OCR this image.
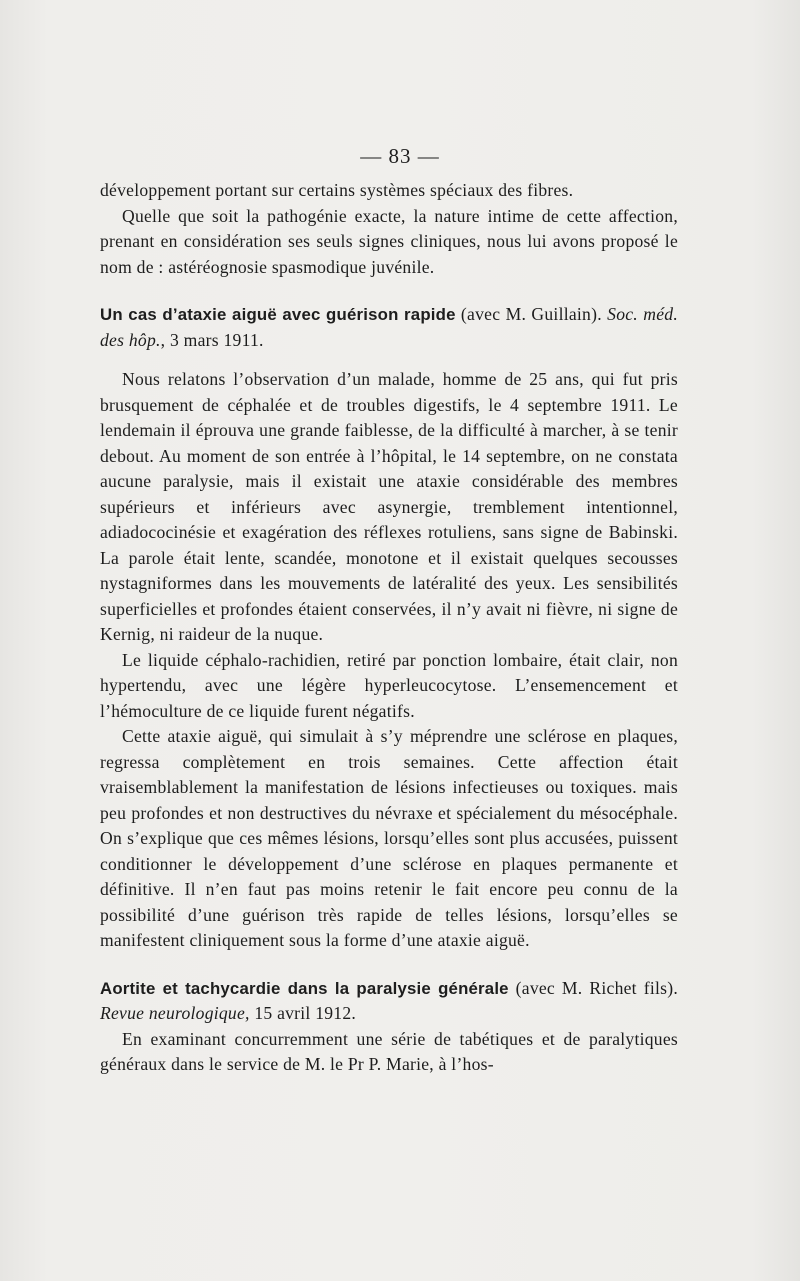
— 83 —

développement portant sur certains systèmes spéciaux des fibres.

Quelle que soit la pathogénie exacte, la nature intime de cette affection, prenant en considération ses seuls signes cliniques, nous lui avons proposé le nom de : astéréognosie spasmodique juvénile.

Un cas d’ataxie aiguë avec guérison rapide (avec M. Guillain). Soc. méd. des hôp., 3 mars 1911.

Nous relatons l’observation d’un malade, homme de 25 ans, qui fut pris brusquement de céphalée et de troubles digestifs, le 4 septembre 1911. Le lendemain il éprouva une grande faiblesse, de la difficulté à marcher, à se tenir debout. Au moment de son entrée à l’hôpital, le 14 septembre, on ne constata aucune paralysie, mais il existait une ataxie considérable des membres supérieurs et inférieurs avec asynergie, tremblement intentionnel, adiadococinésie et exagération des réflexes rotuliens, sans signe de Babinski. La parole était lente, scandée, monotone et il existait quelques secousses nystagniformes dans les mouvements de latéralité des yeux. Les sensibilités superficielles et profondes étaient conservées, il n’y avait ni fièvre, ni signe de Kernig, ni raideur de la nuque.

Le liquide céphalo-rachidien, retiré par ponction lombaire, était clair, non hypertendu, avec une légère hyperleucocytose. L’ensemencement et l’hémoculture de ce liquide furent négatifs.

Cette ataxie aiguë, qui simulait à s’y méprendre une sclérose en plaques, regressa complètement en trois semaines. Cette affection était vraisemblablement la manifestation de lésions infectieuses ou toxiques. mais peu profondes et non destructives du névraxe et spécialement du mésocéphale. On s’explique que ces mêmes lésions, lorsqu’elles sont plus accusées, puissent conditionner le développement d’une sclérose en plaques permanente et définitive. Il n’en faut pas moins retenir le fait encore peu connu de la possibilité d’une guérison très rapide de telles lésions, lorsqu’elles se manifestent cliniquement sous la forme d’une ataxie aiguë.

Aortite et tachycardie dans la paralysie générale (avec M. Richet fils). Revue neurologique, 15 avril 1912.

En examinant concurremment une série de tabétiques et de paralytiques généraux dans le service de M. le Pr P. Marie, à l’hos-
